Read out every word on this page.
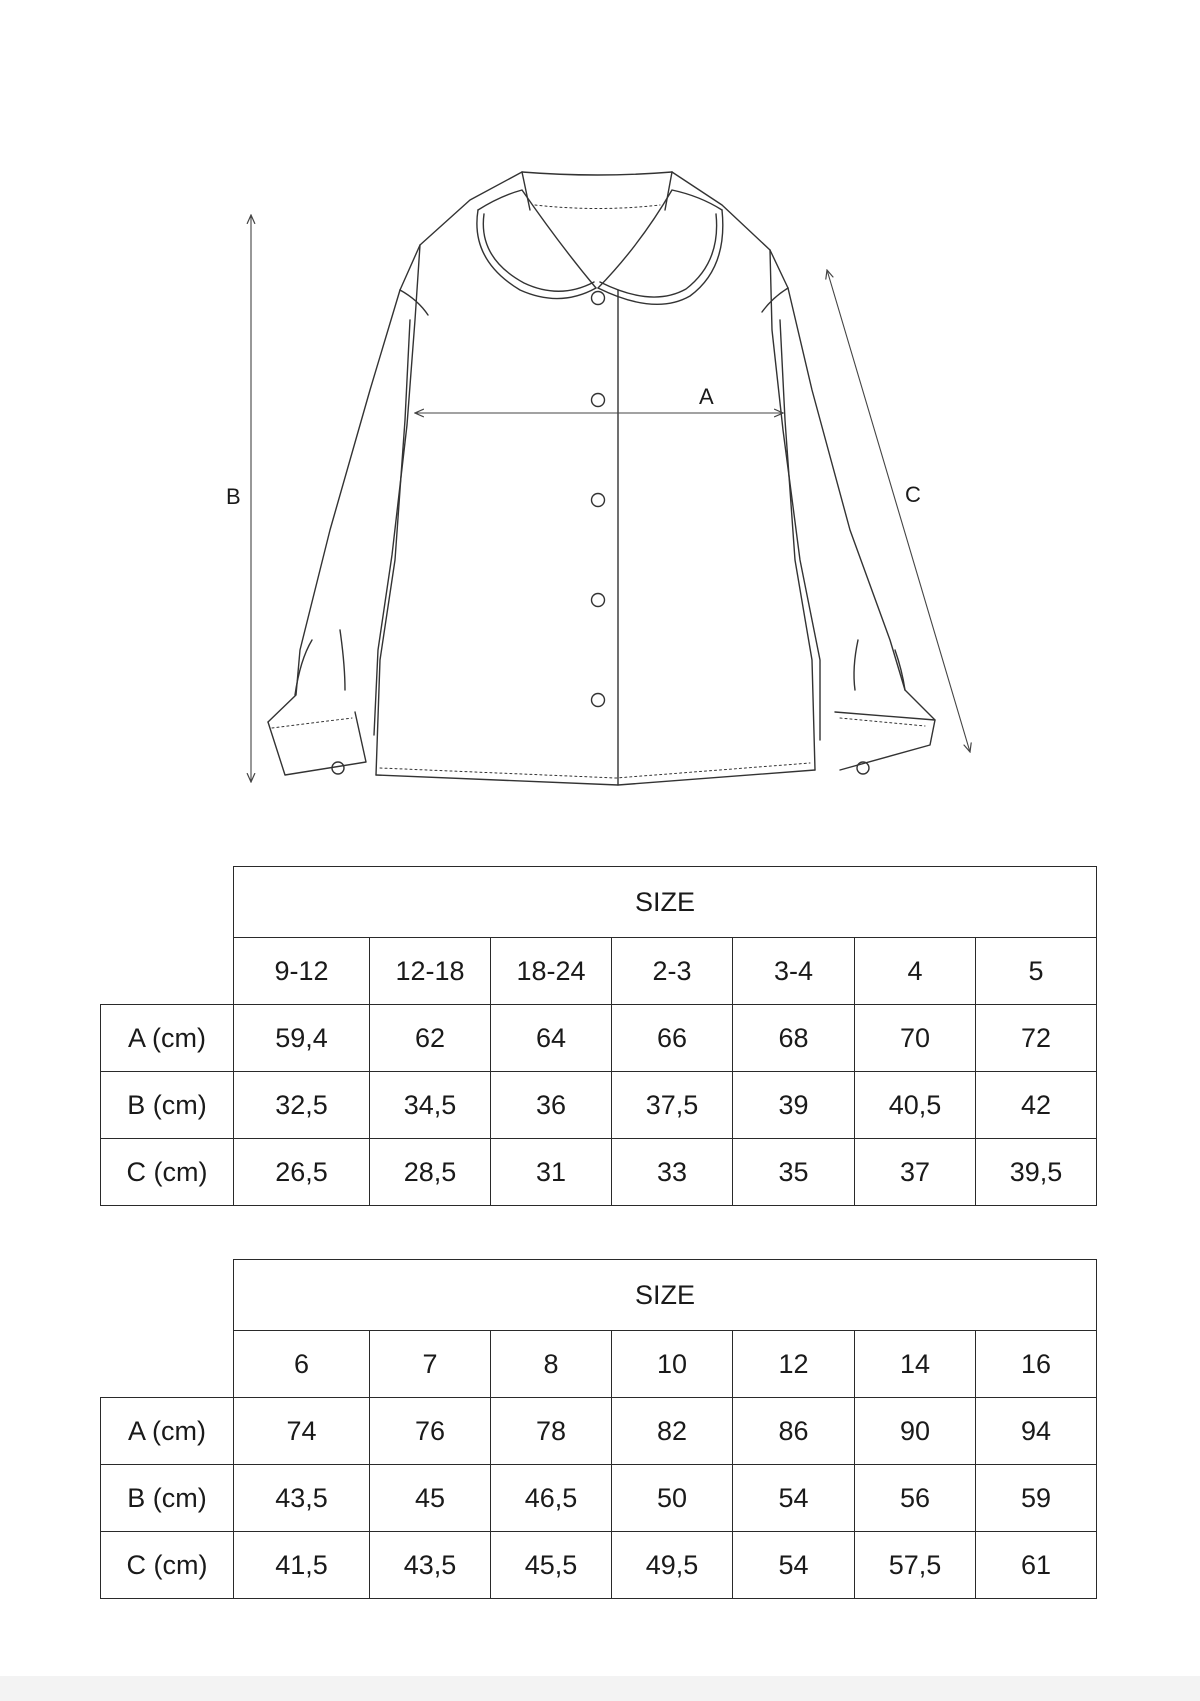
A
B	C
	SIZE						
	9-12	12-18	18-24	2-3	3-4	4	5
A (cm)	59,4	62	64	66	68	70	72
B (cm)	32,5	34,5	36	37,5	39	40,5	42
C (cm)	26,5	28,5	31	33	35	37	39,5
	SIZE						
	6	7	8	10	12	14	16
A (cm)	74	76	78	82	86	90	94
B (cm)	43,5	45	46,5	50	54	56	59
C (cm)	41,5	43,5	45,5	49,5	54	57,5	61
